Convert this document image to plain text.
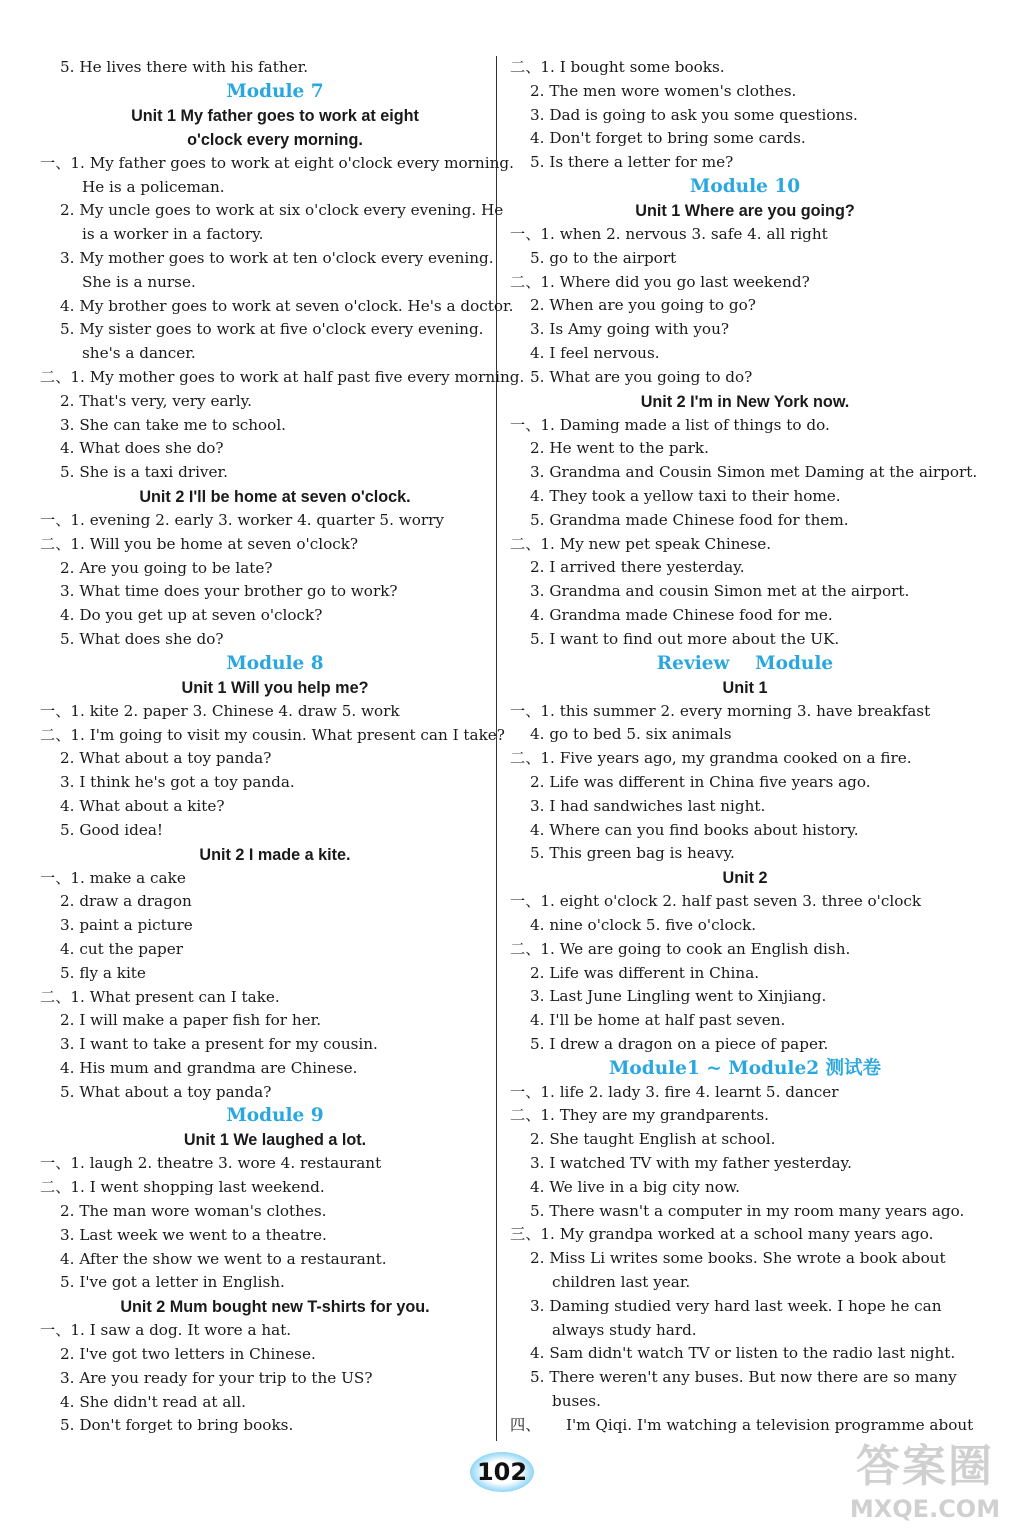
5. He lives there with his father.
Module 7
Unit 1 My father goes to work at eight
o'clock every morning.
一、1. My father goes to work at eight o'clock every morning.
He is a policeman.
2. My uncle goes to work at six o'clock every evening. He
is a worker in a factory.
3. My mother goes to work at ten o'clock every evening.
She is a nurse.
4. My brother goes to work at seven o'clock. He's a doctor.
5. My sister goes to work at five o'clock every evening.
she's a dancer.
二、1. My mother goes to work at half past five every morning.
2. That's very, very early.
3. She can take me to school.
4. What does she do?
5. She is a taxi driver.
Unit 2 I'll be home at seven o'clock.
一、1. evening 2. early 3. worker 4. quarter 5. worry
二、1. Will you be home at seven o'clock?
2. Are you going to be late?
3. What time does your brother go to work?
4. Do you get up at seven o'clock?
5. What does she do?
Module 8
Unit 1 Will you help me?
一、1. kite 2. paper 3. Chinese 4. draw 5. work
二、1. I'm going to visit my cousin. What present can I take?
2. What about a toy panda?
3. I think he's got a toy panda.
4. What about a kite?
5. Good idea!
Unit 2 I made a kite.
一、1. make a cake
2. draw a dragon
3. paint a picture
4. cut the paper
5. fly a kite
二、1. What present can I take.
2. I will make a paper fish for her.
3. I want to take a present for my cousin.
4. His mum and grandma are Chinese.
5. What about a toy panda?
Module 9
Unit 1 We laughed a lot.
一、1. laugh 2. theatre 3. wore 4. restaurant
二、1. I went shopping last weekend.
2. The man wore woman's clothes.
3. Last week we went to a theatre.
4. After the show we went to a restaurant.
5. I've got a letter in English.
Unit 2 Mum bought new T-shirts for you.
一、1. I saw a dog. It wore a hat.
2. I've got two letters in Chinese.
3. Are you ready for your trip to the US?
4. She didn't read at all.
5. Don't forget to bring books.
二、1. I bought some books.
2. The men wore women's clothes.
3. Dad is going to ask you some questions.
4. Don't forget to bring some cards.
5. Is there a letter for me?
Module 10
Unit 1 Where are you going?
一、1. when 2. nervous 3. safe 4. all right
5. go to the airport
二、1. Where did you go last weekend?
2. When are you going to go?
3. Is Amy going with you?
4. I feel nervous.
5. What are you going to do?
Unit 2 I'm in New York now.
一、1. Daming made a list of things to do.
2. He went to the park.
3. Grandma and Cousin Simon met Daming at the airport.
4. They took a yellow taxi to their home.
5. Grandma made Chinese food for them.
二、1. My new pet speak Chinese.
2. I arrived there yesterday.
3. Grandma and cousin Simon met at the airport.
4. Grandma made Chinese food for me.
5. I want to find out more about the UK.
Review    Module
Unit 1
一、1. this summer 2. every morning 3. have breakfast
4. go to bed 5. six animals
二、1. Five years ago, my grandma cooked on a fire.
2. Life was different in China five years ago.
3. I had sandwiches last night.
4. Where can you find books about history.
5. This green bag is heavy.
Unit 2
一、1. eight o'clock 2. half past seven 3. three o'clock
4. nine o'clock 5. five o'clock.
二、1. We are going to cook an English dish.
2. Life was different in China.
3. Last June Lingling went to Xinjiang.
4. I'll be home at half past seven.
5. I drew a dragon on a piece of paper.
Module1 ~ Module2 测试卷
一、1. life 2. lady 3. fire 4. learnt 5. dancer
二、1. They are my grandparents.
2. She taught English at school.
3. I watched TV with my father yesterday.
4. We live in a big city now.
5. There wasn't a computer in my room many years ago.
三、1. My grandpa worked at a school many years ago.
2. Miss Li writes some books. She wrote a book about
children last year.
3. Daming studied very hard last week. I hope he can
always study hard.
4. Sam didn't watch TV or listen to the radio last night.
5. There weren't any buses. But now there are so many
buses.
四、 I'm Qiqi. I'm watching a television programme about
102	答案圈
MXQE.COM
